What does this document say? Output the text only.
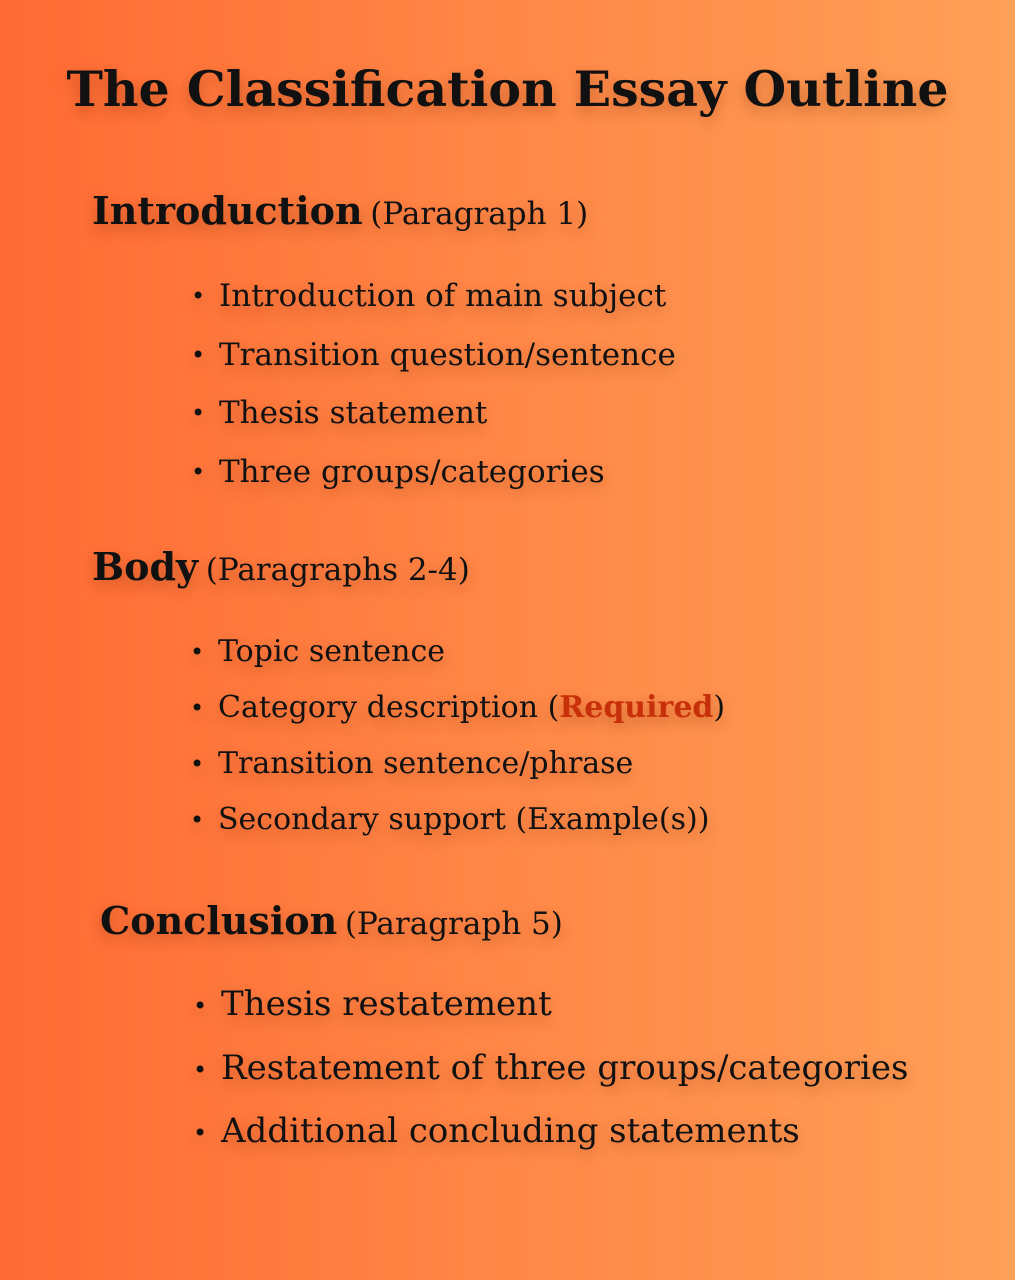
The Classification Essay Outline
Introduction (Paragraph 1)
• Introduction of main subject
• Transition question/sentence
• Thesis statement
• Three groups/categories
Body (Paragraphs 2-4)
• Topic sentence
• Category description (Required)
• Transition sentence/phrase
• Secondary support (Example(s))
Conclusion (Paragraph 5)
• Thesis restatement
• Restatement of three groups/categories
• Additional concluding statements
